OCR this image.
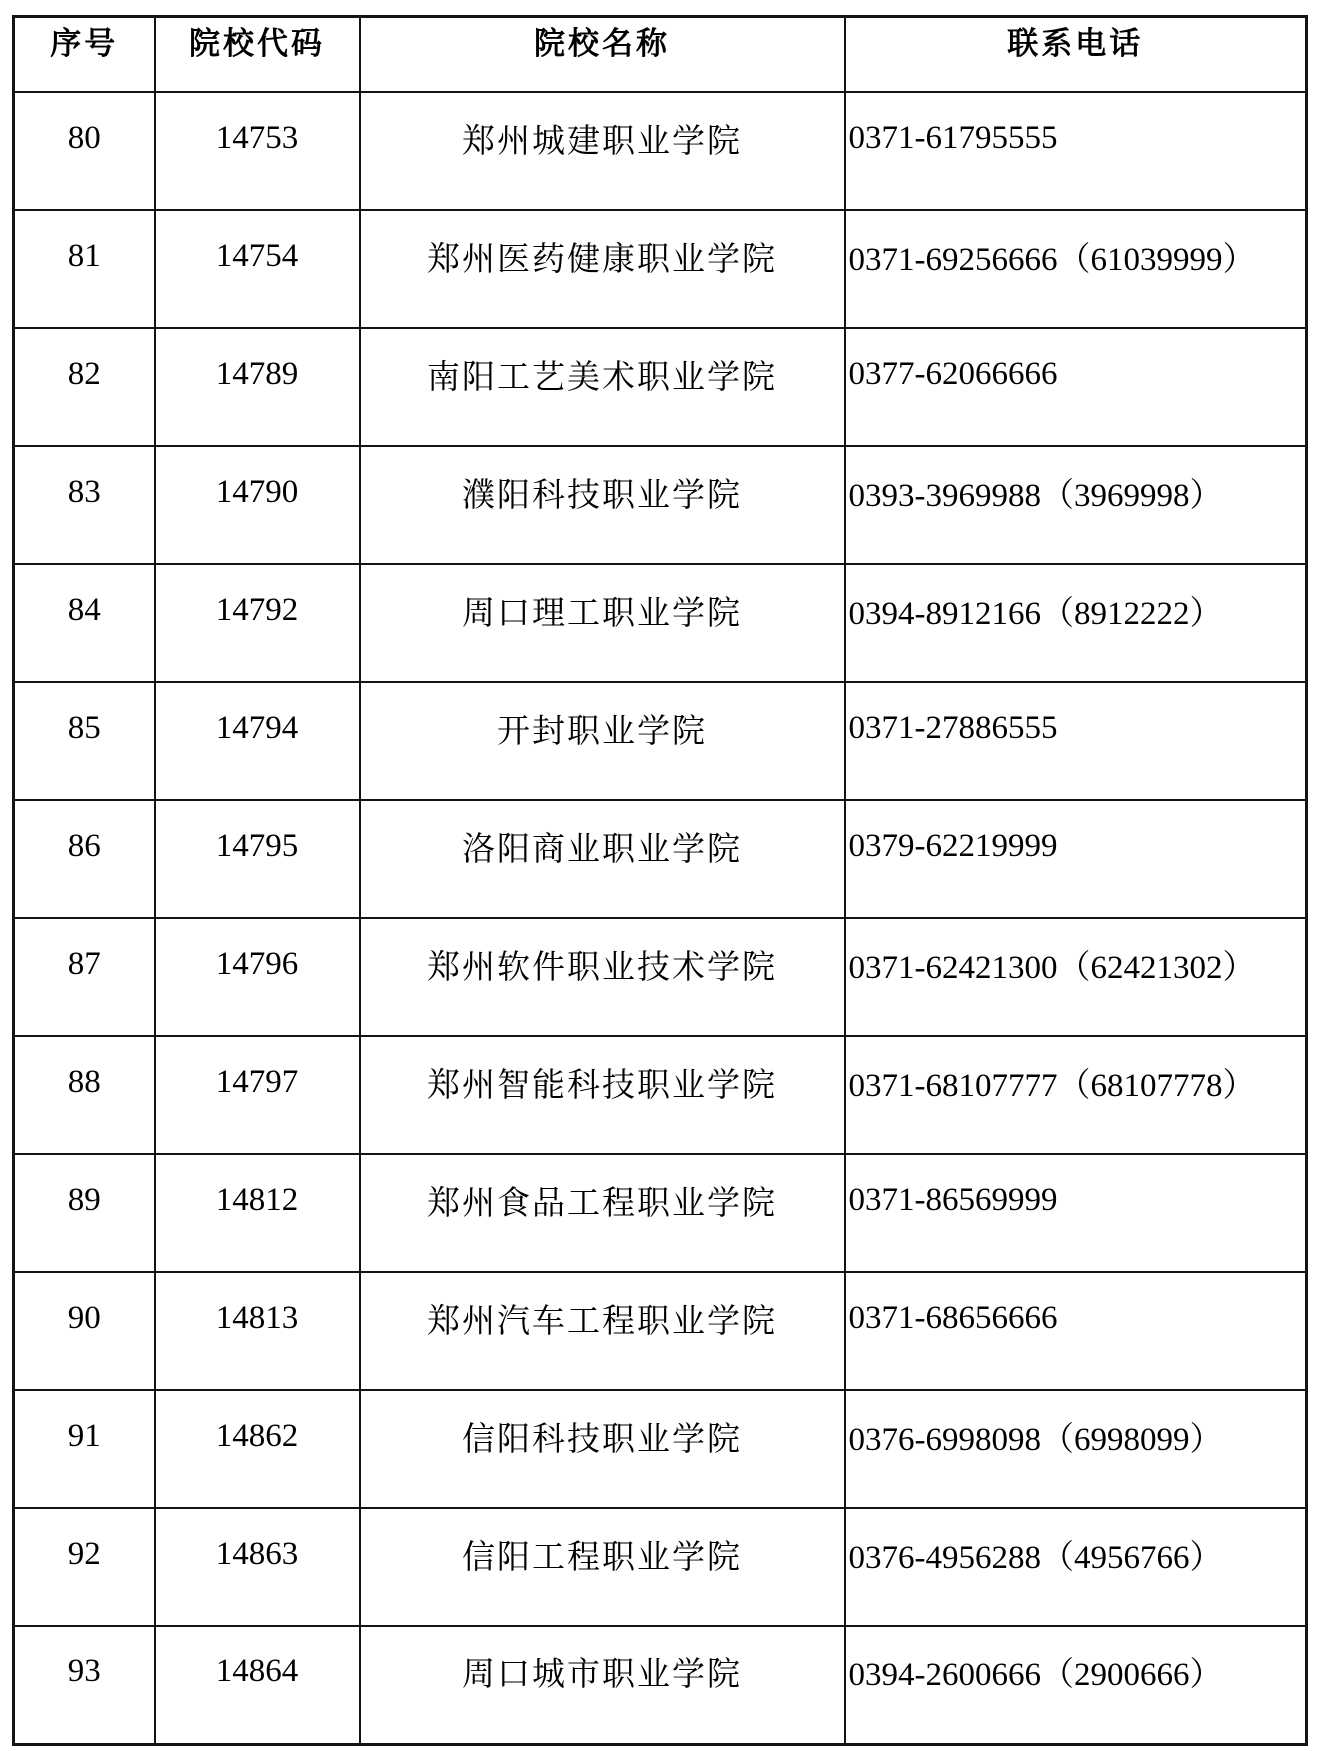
序号	院校代码	院校名称	联系电话
80	14753	郑州城建职业学院	0371-61795555
81	14754	郑州医药健康职业学院	0371-69256666（61039999）
82	14789	南阳工艺美术职业学院	0377-62066666
83	14790	濮阳科技职业学院	0393-3969988（3969998）
84	14792	周口理工职业学院	0394-8912166（8912222）
85	14794	开封职业学院	0371-27886555
86	14795	洛阳商业职业学院	0379-62219999
87	14796	郑州软件职业技术学院	0371-62421300（62421302）
88	14797	郑州智能科技职业学院	0371-68107777（68107778）
89	14812	郑州食品工程职业学院	0371-86569999
90	14813	郑州汽车工程职业学院	0371-68656666
91	14862	信阳科技职业学院	0376-6998098（6998099）
92	14863	信阳工程职业学院	0376-4956288（4956766）
93	14864	周口城市职业学院	0394-2600666（2900666）
